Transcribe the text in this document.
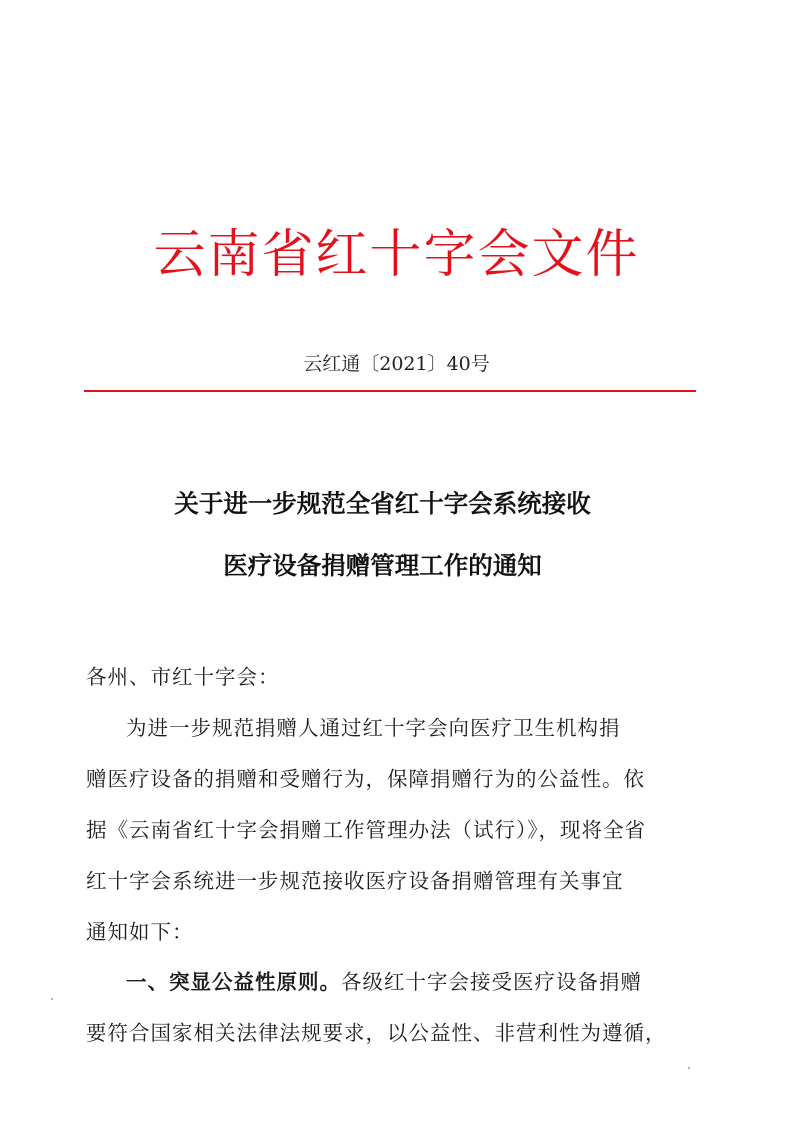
云南省红十字会文件
云红通〔2021〕40号
关于进一步规范全省红十字会系统接收
医疗设备捐赠管理工作的通知
各州、市红十字会：
为进一步规范捐赠人通过红十字会向医疗卫生机构捐
赠医疗设备的捐赠和受赠行为，保障捐赠行为的公益性。依
据《云南省红十字会捐赠工作管理办法（试行）》，现将全省
红十字会系统进一步规范接收医疗设备捐赠管理有关事宜
通知如下：
一、突显公益性原则。各级红十字会接受医疗设备捐赠
要符合国家相关法律法规要求，以公益性、非营利性为遵循，
